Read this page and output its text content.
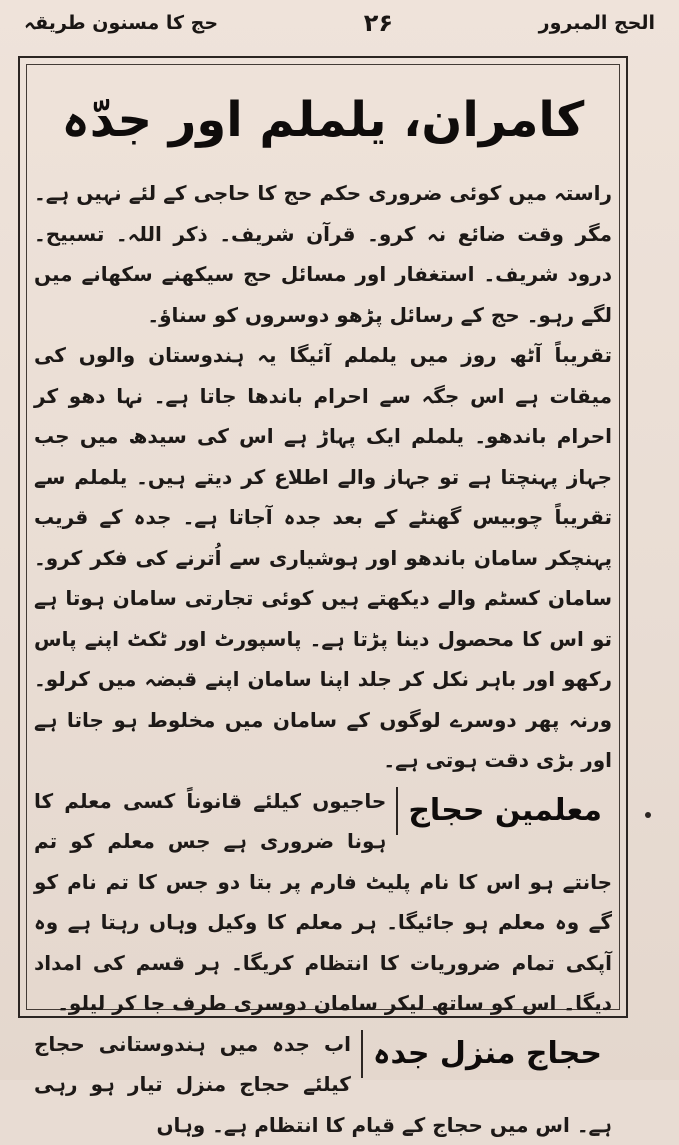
الحج المبرور
۲۶
حج کا مسنون طریقہ
کامران، یلملم اور جدّہ

راستہ میں کوئی ضروری حکم حج کا حاجی کے لئے نہیں ہے۔ مگر وقت ضائع نہ کرو۔ قرآن شریف۔ ذکر اللہ۔ تسبیح۔ درود شریف۔ استغفار اور مسائل حج سیکھنے سکھانے میں لگے رہو۔ حج کے رسائل پڑھو دوسروں کو سناؤ۔

تقریباً آٹھ روز میں یلملم آئیگا یہ ہندوستان والوں کی میقات ہے اس جگہ سے احرام باندھا جاتا ہے۔ نہا دھو کر احرام باندھو۔ یلملم ایک پہاڑ ہے اس کی سیدھ میں جب جہاز پہنچتا ہے تو جہاز والے اطلاع کر دیتے ہیں۔ یلملم سے تقریباً چوبیس گھنٹے کے بعد جدہ آجاتا ہے۔ جدہ کے قریب پہنچکر سامان باندھو اور ہوشیاری سے اُترنے کی فکر کرو۔ سامان کسٹم والے دیکھتے ہیں کوئی تجارتی سامان ہوتا ہے تو اس کا محصول دینا پڑتا ہے۔ پاسپورٹ اور ٹکٹ اپنے پاس رکھو اور باہر نکل کر جلد اپنا سامان اپنے قبضہ میں کرلو۔ ورنہ پھر دوسرے لوگوں کے سامان میں مخلوط ہو جاتا ہے اور بڑی دقت ہوتی ہے۔

معلمین حجاج
حاجیوں کیلئے قانوناً کسی معلم کا ہونا ضروری ہے جس معلم کو تم جانتے ہو اس کا نام پلیٹ فارم پر بتا دو جس کا تم نام کو گے وہ معلم ہو جائیگا۔ ہر معلم کا وکیل وہاں رہتا ہے وہ آپکی تمام ضروریات کا انتظام کریگا۔ ہر قسم کی امداد دیگا۔ اس کو ساتھ لیکر سامان دوسری طرف جا کر لیلو۔
حجاج منزل جدہ
اب جدہ میں ہندوستانی حجاج کیلئے حجاج منزل تیار ہو رہی ہے۔ اس میں حجاج کے قیام کا انتظام ہے۔ وہاں
